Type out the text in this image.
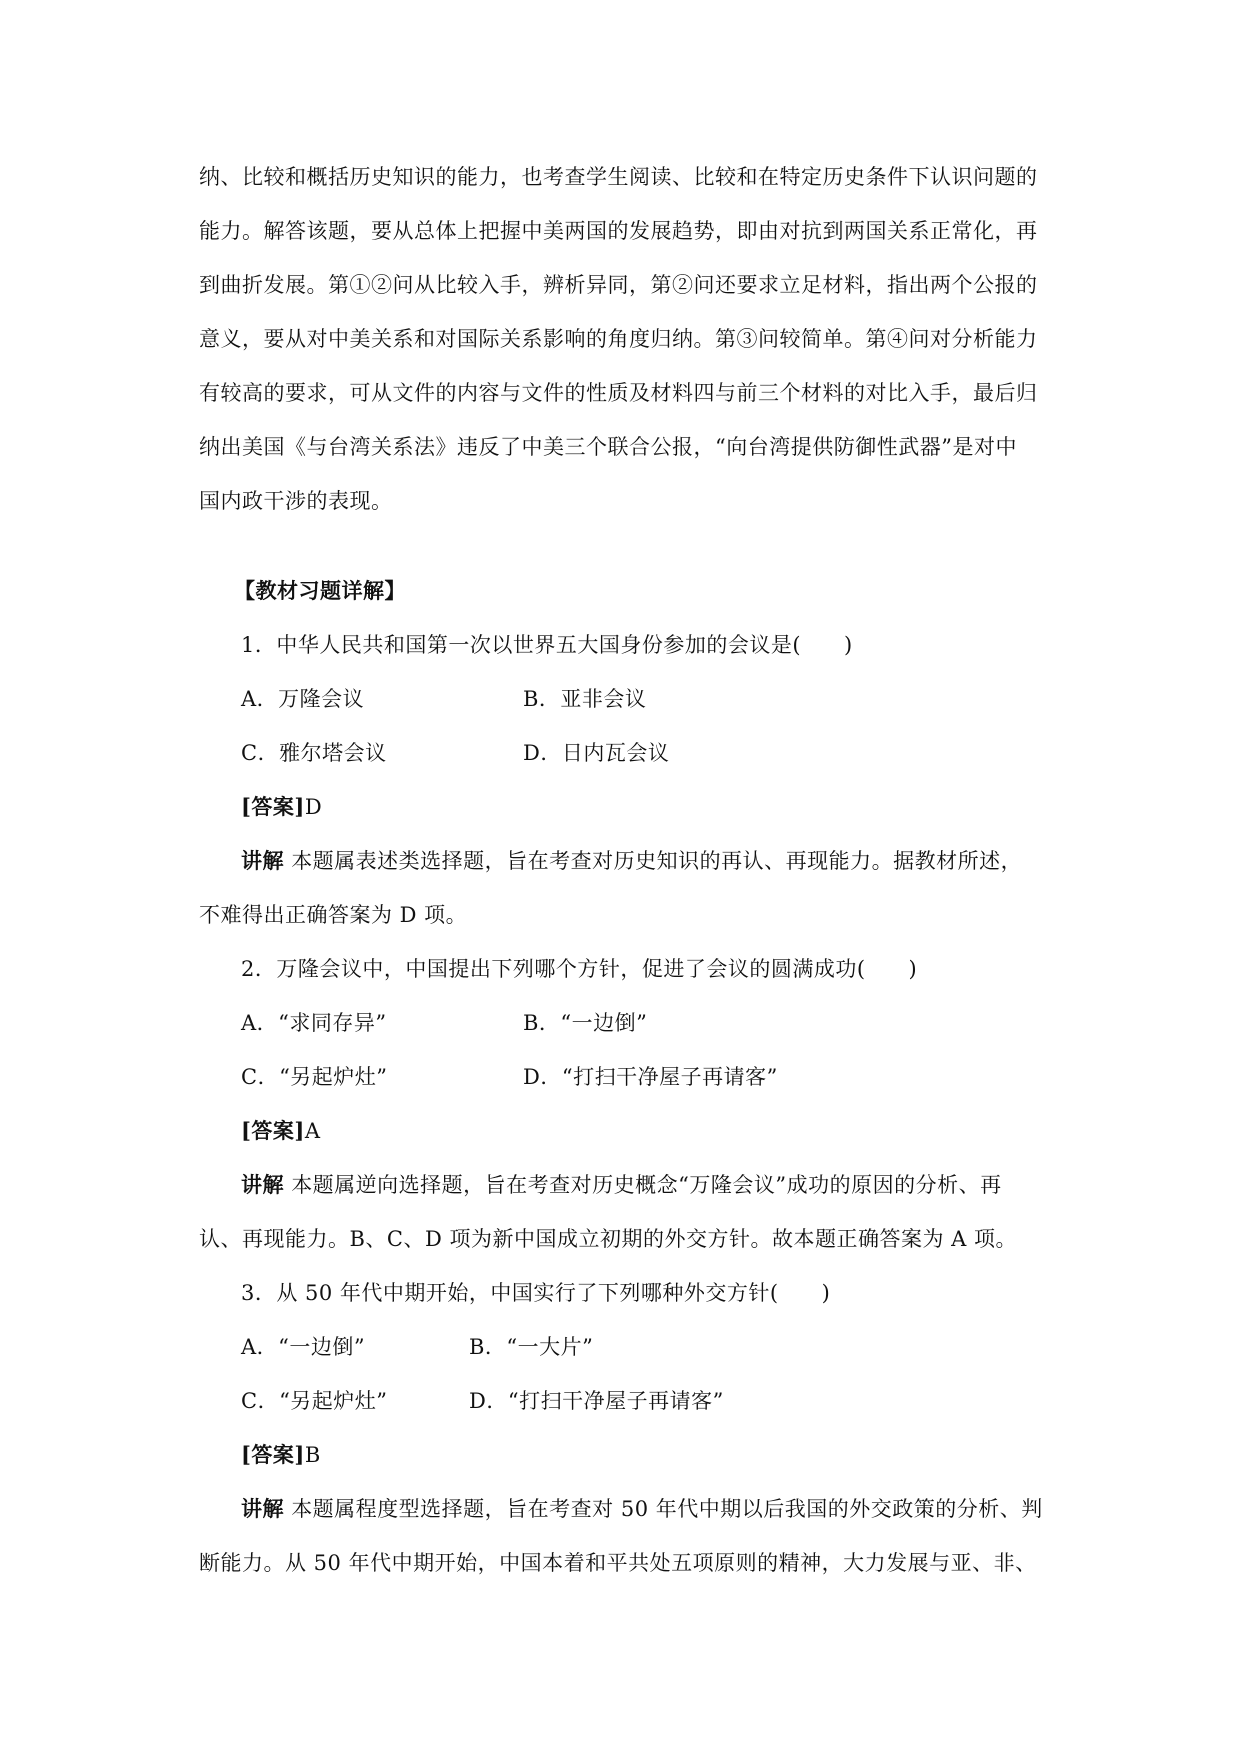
纳、比较和概括历史知识的能力，也考查学生阅读、比较和在特定历史条件下认识问题的
能力。解答该题，要从总体上把握中美两国的发展趋势，即由对抗到两国关系正常化，再
到曲折发展。第①②问从比较入手，辨析异同，第②问还要求立足材料，指出两个公报的
意义，要从对中美关系和对国际关系影响的角度归纳。第③问较简单。第④问对分析能力
有较高的要求，可从文件的内容与文件的性质及材料四与前三个材料的对比入手，最后归
纳出美国《与台湾关系法》违反了中美三个联合公报，“向台湾提供防御性武器”是对中
国内政干涉的表现。
【教材习题详解】
1．中华人民共和国第一次以世界五大国身份参加的会议是(　　)
A．万隆会议	B．亚非会议
C．雅尔塔会议	D．日内瓦会议
[答案]D
讲解 本题属表述类选择题，旨在考查对历史知识的再认、再现能力。据教材所述，
不难得出正确答案为 D 项。
2．万隆会议中，中国提出下列哪个方针，促进了会议的圆满成功(　　)
A．“求同存异”	B．“一边倒”
C．“另起炉灶”	D．“打扫干净屋子再请客”
[答案]A
讲解 本题属逆向选择题，旨在考查对历史概念“万隆会议”成功的原因的分析、再
认、再现能力。B、C、D 项为新中国成立初期的外交方针。故本题正确答案为 A 项。
3．从 50 年代中期开始，中国实行了下列哪种外交方针(　　)
A．“一边倒”	B．“一大片”
C．“另起炉灶”	D．“打扫干净屋子再请客”
[答案]B
讲解 本题属程度型选择题，旨在考查对 50 年代中期以后我国的外交政策的分析、判
断能力。从 50 年代中期开始，中国本着和平共处五项原则的精神，大力发展与亚、非、
